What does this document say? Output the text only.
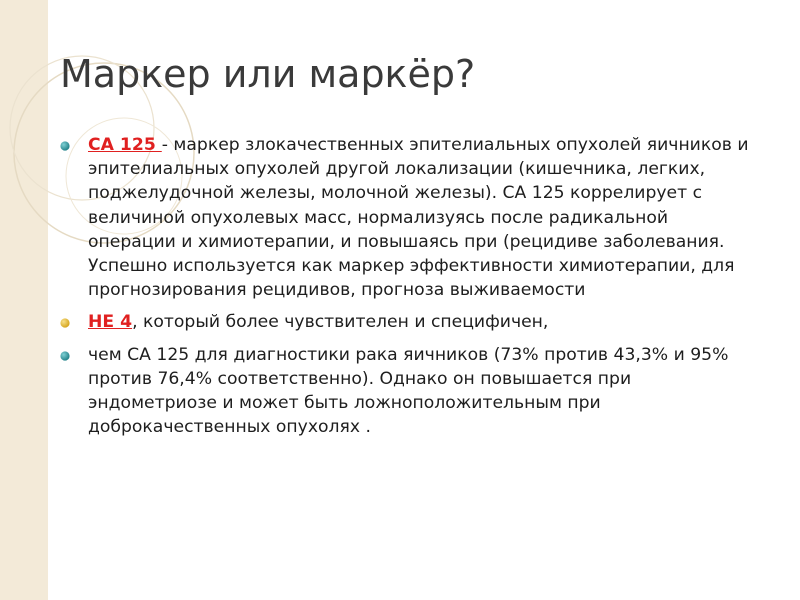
Маркер или маркёр?
СА 125 - маркер злокачественных эпителиальных опухолей яичников и эпителиальных опухолей другой локализации (кишечника, легких, поджелудочной железы, молочной железы). СА 125 коррелирует с величиной опухолевых масс, нормализуясь после радикальной операции и химиотерапии, и повышаясь при (рецидиве заболевания. Успешно используется как маркер эффективности химиотерапии, для прогнозирования рецидивов, прогноза выживаемости
НЕ 4, который более чувствителен и специфичен,
чем СА 125 для диагностики рака яичников (73% против 43,3% и 95% против 76,4% соответственно). Однако он повышается при эндометриозе и может быть ложноположительным при доброкачественных опухолях .
